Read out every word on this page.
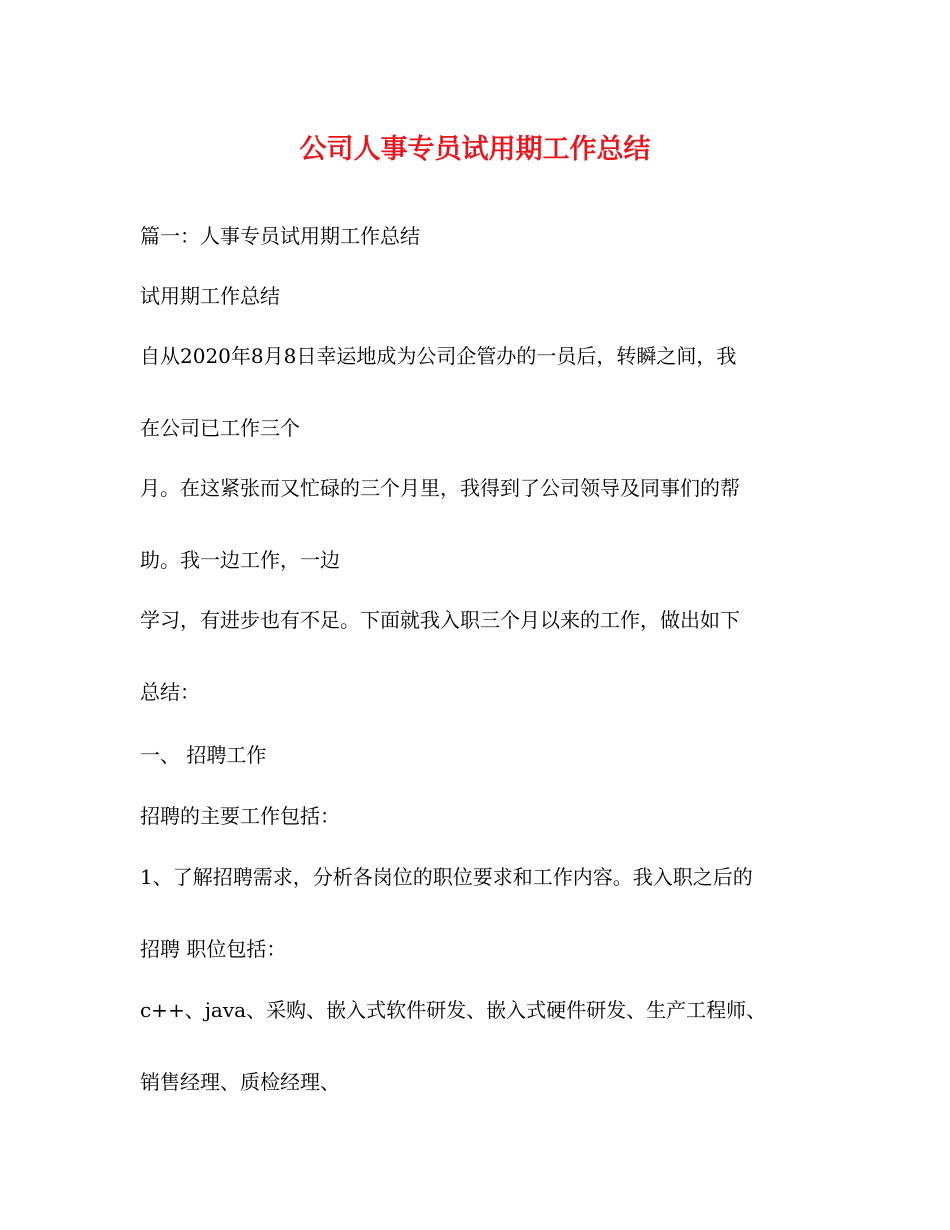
公司人事专员试用期工作总结
篇一：人事专员试用期工作总结
试用期工作总结
自从2020年8月8日幸运地成为公司企管办的一员后，转瞬之间，我
在公司已工作三个
月。在这紧张而又忙碌的三个月里，我得到了公司领导及同事们的帮
助。我一边工作，一边
学习，有进步也有不足。下面就我入职三个月以来的工作，做出如下
总结：
一、 招聘工作
招聘的主要工作包括：
1、了解招聘需求，分析各岗位的职位要求和工作内容。我入职之后的
招聘 职位包括：
c++、java、采购、嵌入式软件研发、嵌入式硬件研发、生产工程师、
销售经理、质检经理、
